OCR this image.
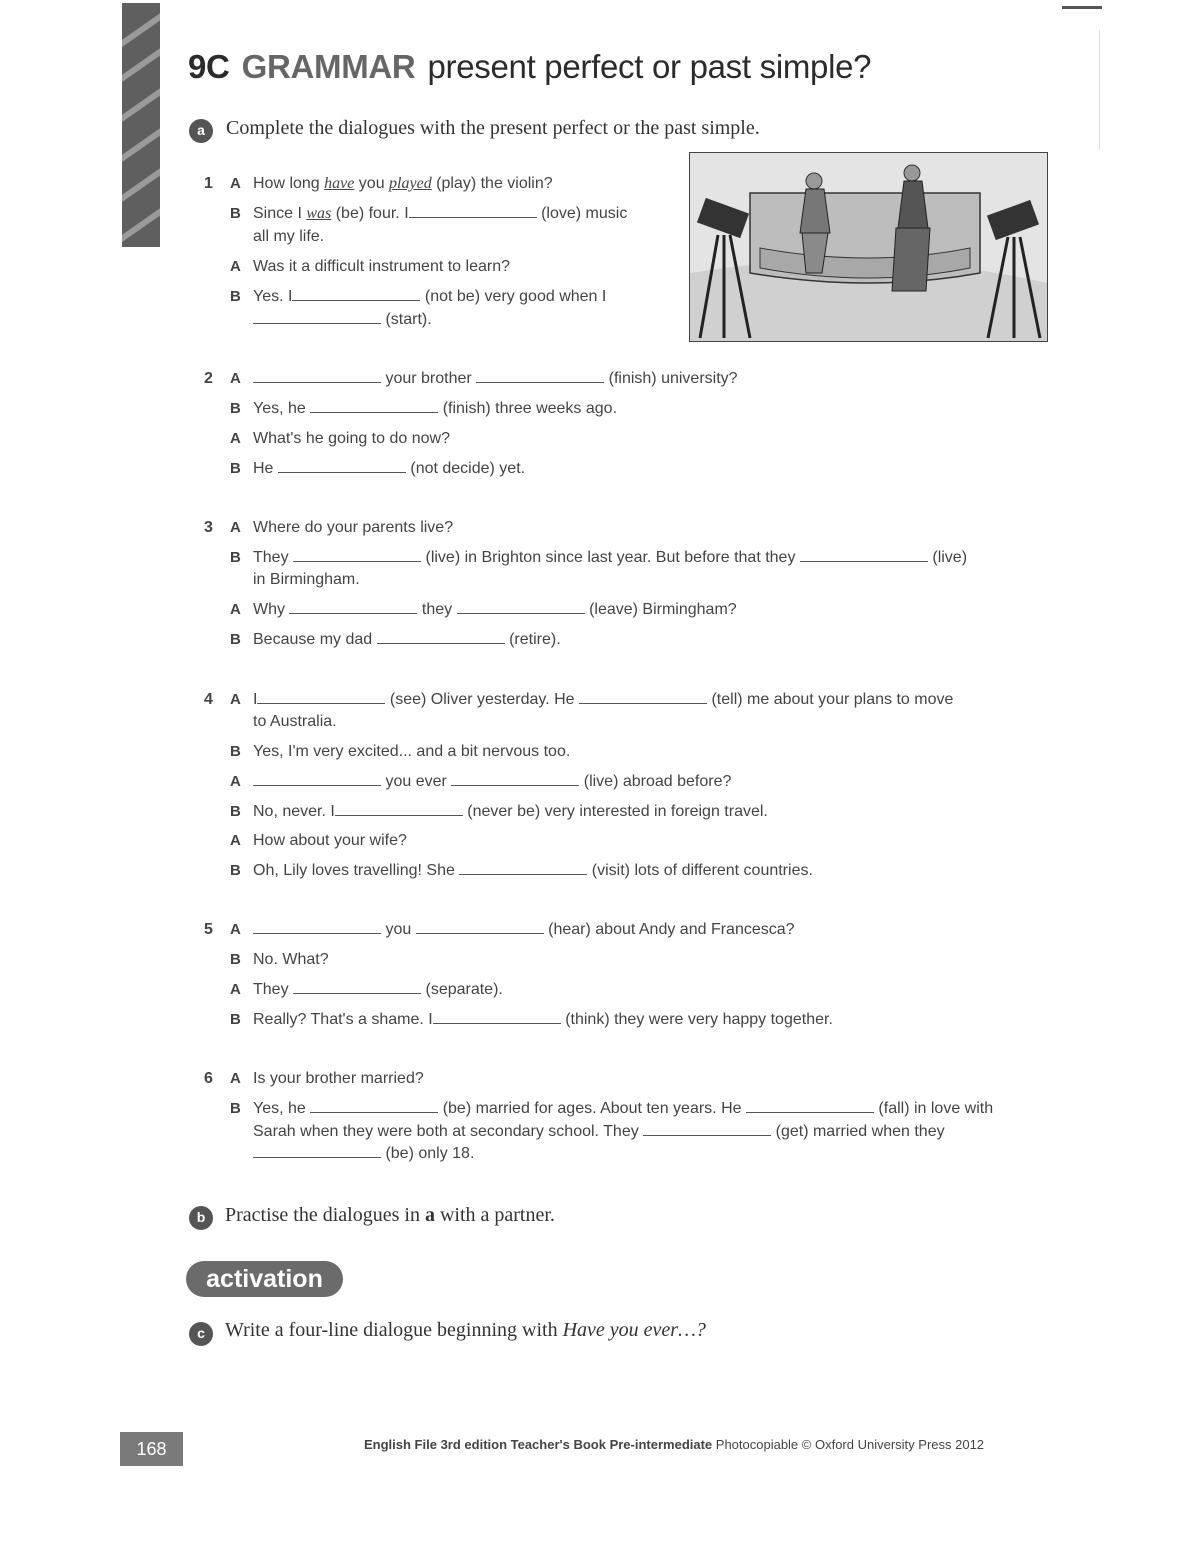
9C GRAMMAR present perfect or past simple?
a	Complete the dialogues with the present perfect or the past simple.
1 A How long have you played (play) the violin?
B Since I was (be) four. I	(love) music
all my life.
A Was it a difficult instrument to learn?
B Yes. I	(not be) very good when I
(start).
2 A	your brother	(finish) university?
B Yes, he	(finish) three weeks ago.
A What's he going to do now?
B He	(not decide) yet.
3 A Where do your parents live?
B They	(live) in Brighton since last year. But before that they	(live)
in Birmingham.
A Why	they	(leave) Birmingham?
B Because my dad	(retire).
4 A I	(see) Oliver yesterday. He	(tell) me about your plans to move
to Australia.
B Yes, I'm very excited... and a bit nervous too.
A	you ever	(live) abroad before?
B No, never. I	(never be) very interested in foreign travel.
A How about your wife?
B Oh, Lily loves travelling! She	(visit) lots of different countries.
5 A	you	(hear) about Andy and Francesca?
B No. What?
A They	(separate).
B Really? That's a shame. I	(think) they were very happy together.
6 A Is your brother married?
B Yes, he	(be) married for ages. About ten years. He	(fall) in love with
Sarah when they were both at secondary school. They	(get) married when they
(be) only 18.
b Practise the dialogues in a with a partner.
activation
c	Write a four-line dialogue beginning with Have you ever…?
168	English File 3rd edition Teacher's Book Pre-intermediate Photocopiable © Oxford University Press 2012
